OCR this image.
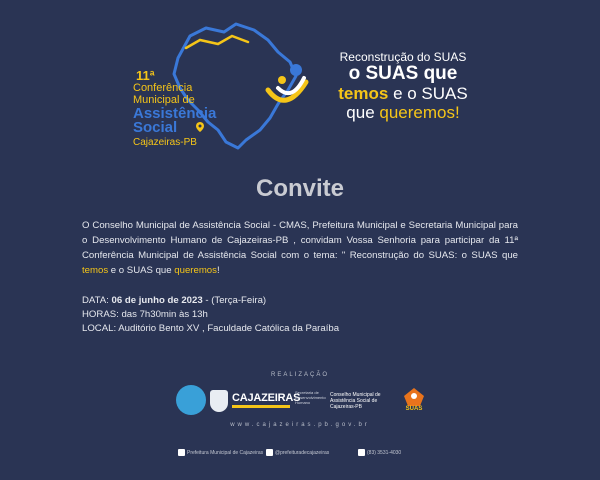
11ª
Conferência
Municipal de
Assistência
Social
Cajazeiras-PB
Reconstrução do SUAS
o SUAS que
temos e o SUAS
que queremos!
Convite
O Conselho Municipal de Assistência Social - CMAS, Prefeitura Municipal e Secretaria Municipal para o Desenvolvimento Humano de Cajazeiras-PB , convidam Vossa Senhoria para participar da 11ª Conferência Municipal de Assistência Social com o tema: " Reconstrução do SUAS: o SUAS que temos e o SUAS que queremos!
DATA: 06 de junho de 2023 - (Terça-Feira)
HORAS: das 7h30min às 13h
LOCAL: Auditório Bento XV , Faculdade Católica da Paraíba
REALIZAÇÃO
CAJAZEIRAS
Secretaria de Desenvolvimento Humano
Conselho Municipal de Assistência Social de Cajazeiras-PB	SUAS
www.cajazeiras.pb.gov.br
Prefeitura Municipal de Cajazeiras	@prefeituradecajazeiras	(83) 3531-4030
